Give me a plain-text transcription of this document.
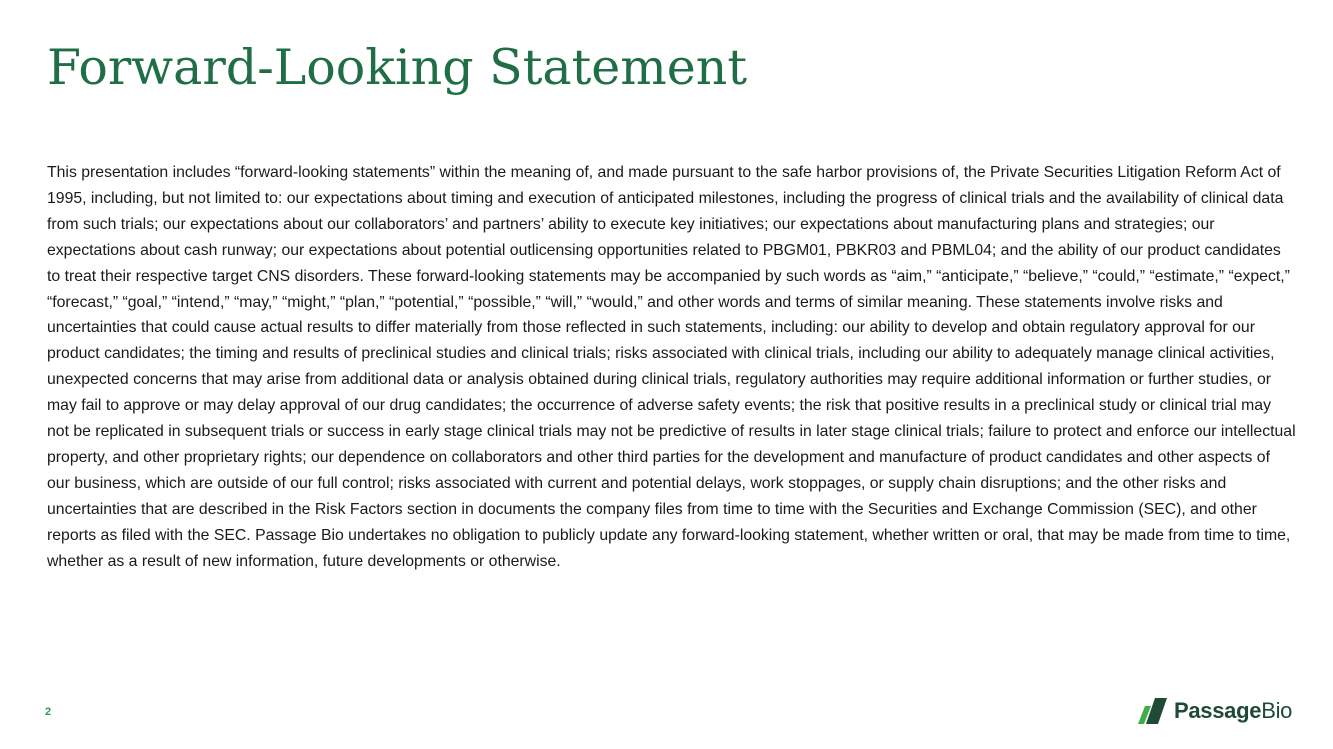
Forward-Looking Statement

This presentation includes “forward-looking statements” within the meaning of, and made pursuant to the safe harbor provisions of, the Private Securities Litigation Reform Act of 1995, including, but not limited to: our expectations about timing and execution of anticipated milestones, including the progress of clinical trials and the availability of clinical data from such trials; our expectations about our collaborators’ and partners’ ability to execute key initiatives; our expectations about manufacturing plans and strategies; our expectations about cash runway; our expectations about potential outlicensing opportunities related to PBGM01, PBKR03 and PBML04; and the ability of our product candidates to treat their respective target CNS disorders. These forward-looking statements may be accompanied by such words as “aim,” “anticipate,” “believe,” “could,” “estimate,” “expect,” “forecast,” “goal,” “intend,” “may,” “might,” “plan,” “potential,” “possible,” “will,” “would,” and other words and terms of similar meaning. These statements involve risks and uncertainties that could cause actual results to differ materially from those reflected in such statements, including: our ability to develop and obtain regulatory approval for our product candidates; the timing and results of preclinical studies and clinical trials; risks associated with clinical trials, including our ability to adequately manage clinical activities, unexpected concerns that may arise from additional data or analysis obtained during clinical trials, regulatory authorities may require additional information or further studies, or may fail to approve or may delay approval of our drug candidates; the occurrence of adverse safety events; the risk that positive results in a preclinical study or clinical trial may not be replicated in subsequent trials or success in early stage clinical trials may not be predictive of results in later stage clinical trials; failure to protect and enforce our intellectual property, and other proprietary rights; our dependence on collaborators and other third parties for the development and manufacture of product candidates and other aspects of our business, which are outside of our full control; risks associated with current and potential delays, work stoppages, or supply chain disruptions; and the other risks and uncertainties that are described in the Risk Factors section in documents the company files from time to time with the Securities and Exchange Commission (SEC), and other reports as filed with the SEC. Passage Bio undertakes no obligation to publicly update any forward-looking statement, whether written or oral, that may be made from time to time, whether as a result of new information, future developments or otherwise.

2	PassageBio
